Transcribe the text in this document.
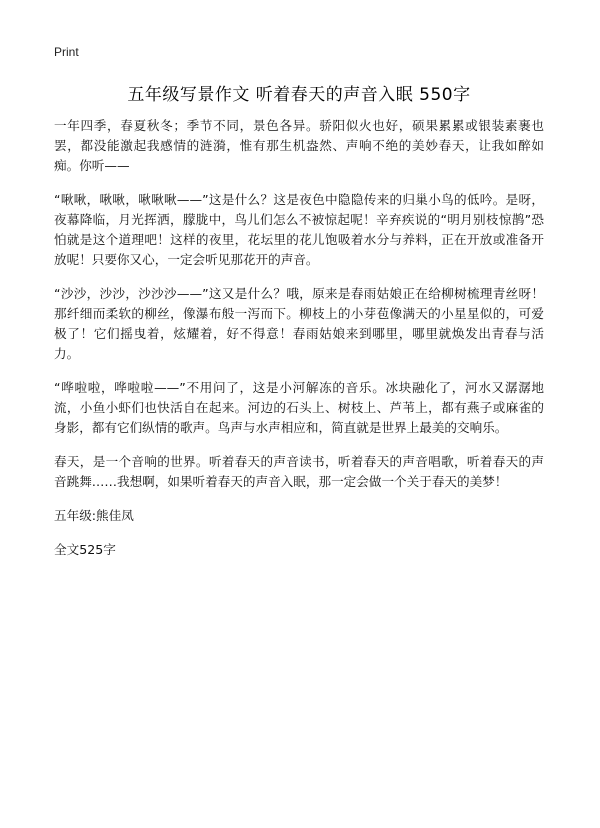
Print
五年级写景作文 听着春天的声音入眠 550字

一年四季，春夏秋冬；季节不同，景色各异。骄阳似火也好，硕果累累或银装素裹也罢，都没能激起我感情的涟漪，惟有那生机盎然、声响不绝的美妙春天，让我如醉如痴。你听——

“啾啾，啾啾，啾啾啾——”这是什么？这是夜色中隐隐传来的归巢小鸟的低吟。是呀，夜幕降临，月光挥洒，朦胧中，鸟儿们怎么不被惊起呢！辛弃疾说的“明月别枝惊鹊”恐怕就是这个道理吧！这样的夜里，花坛里的花儿饱吸着水分与养料，正在开放或准备开放呢！只要你又心，一定会听见那花开的声音。

“沙沙，沙沙，沙沙沙——”这又是什么？哦，原来是春雨姑娘正在给柳树梳理青丝呀！那纤细而柔软的柳丝，像瀑布般一泻而下。柳枝上的小芽苞像满天的小星星似的，可爱极了！它们摇曳着，炫耀着，好不得意！春雨姑娘来到哪里，哪里就焕发出青春与活力。

“哗啦啦，哗啦啦——”不用问了，这是小河解冻的音乐。冰块融化了，河水又潺潺地流，小鱼小虾们也快活自在起来。河边的石头上、树枝上、芦苇上，都有燕子或麻雀的身影，都有它们纵情的歌声。鸟声与水声相应和，简直就是世界上最美的交响乐。

春天，是一个音响的世界。听着春天的声音读书，听着春天的声音唱歌，听着春天的声音跳舞……我想啊，如果听着春天的声音入眠，那一定会做一个关于春天的美梦！

五年级:熊佳凤

全文525字
